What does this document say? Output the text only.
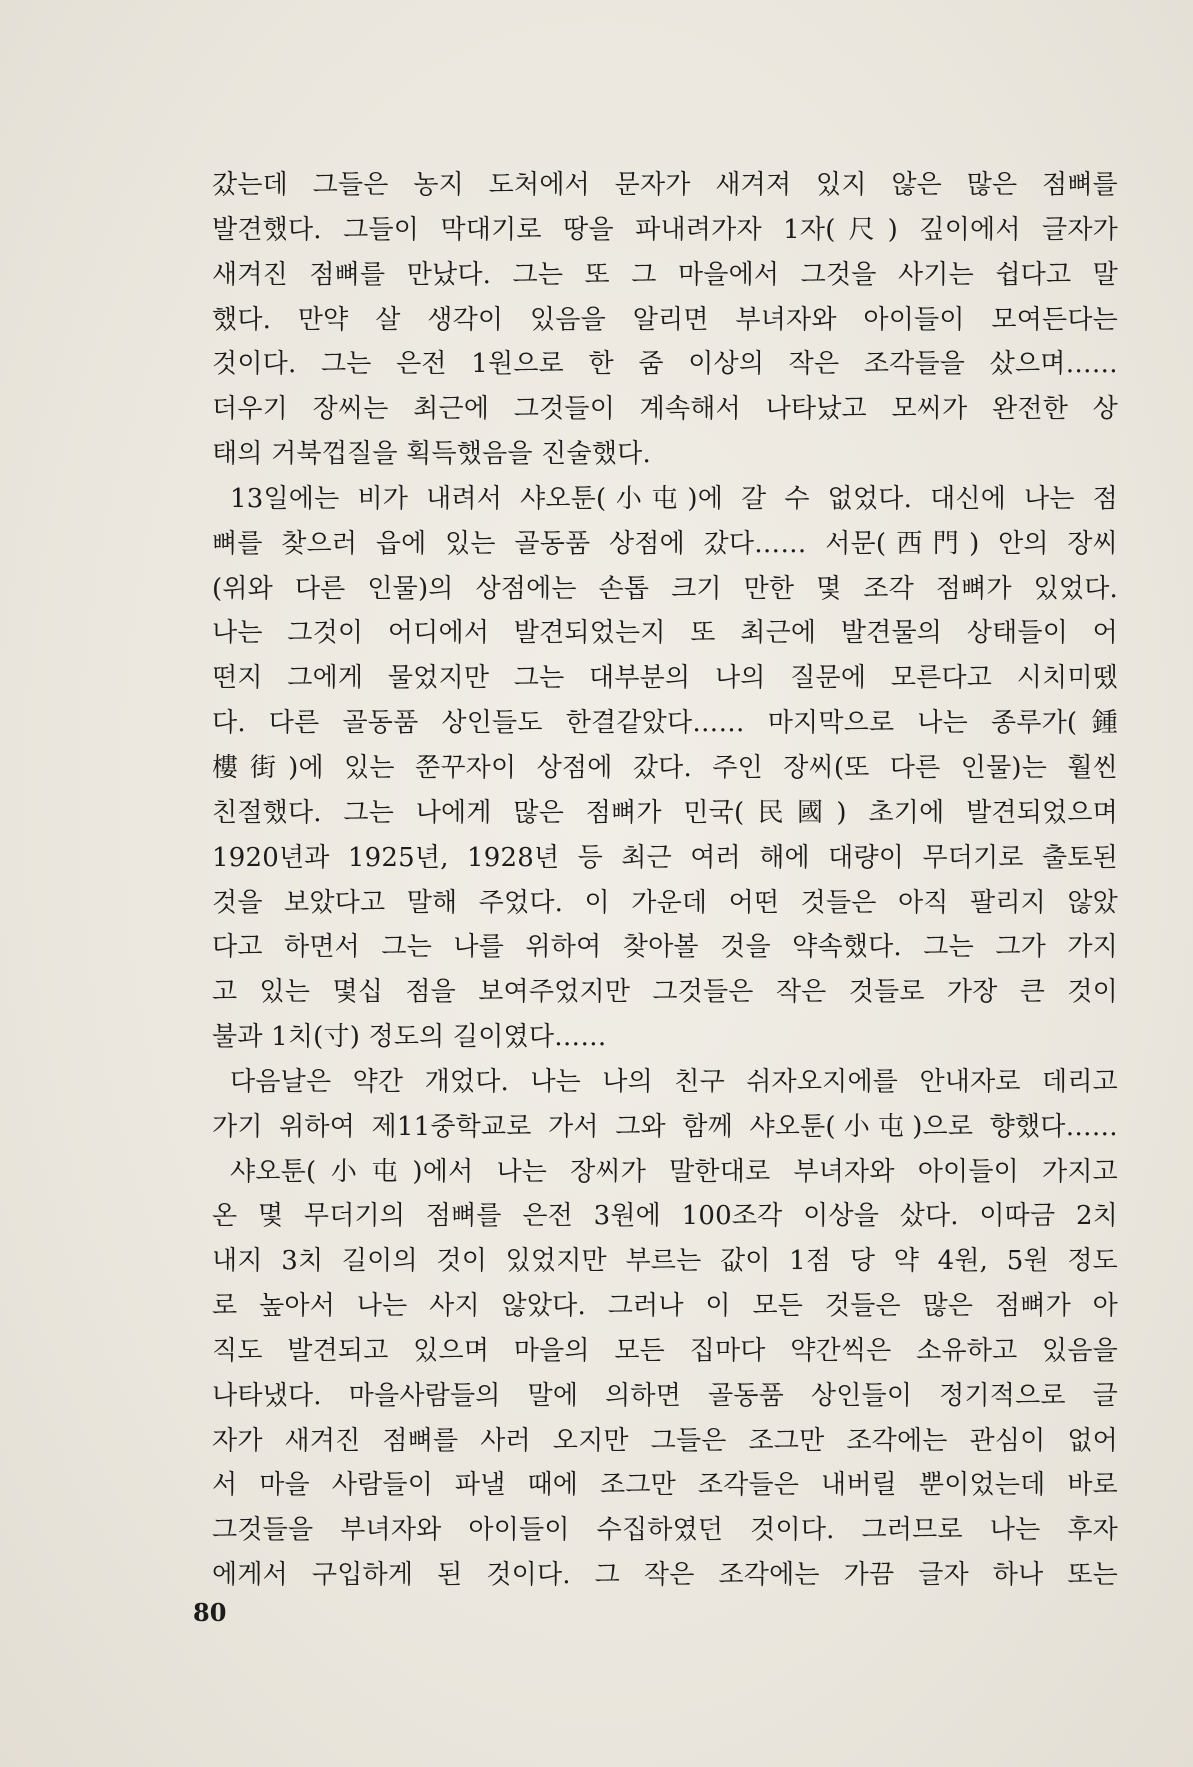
갔는데 그들은 농지 도처에서 문자가 새겨져 있지 않은 많은 점뼈를
발견했다. 그들이 막대기로 땅을 파내려가자 1자(尺) 깊이에서 글자가
새겨진 점뼈를 만났다. 그는 또 그 마을에서 그것을 사기는 쉽다고 말
했다. 만약 살 생각이 있음을 알리면 부녀자와 아이들이 모여든다는
것이다. 그는 은전 1원으로 한 줌 이상의 작은 조각들을 샀으며……
더우기 장씨는 최근에 그것들이 계속해서 나타났고 모씨가 완전한 상
태의 거북껍질을 획득했음을 진술했다.
13일에는 비가 내려서 샤오툰(小屯)에 갈 수 없었다. 대신에 나는 점
뼈를 찾으러 읍에 있는 골동품 상점에 갔다…… 서문(西門) 안의 장씨
(위와 다른 인물)의 상점에는 손톱 크기 만한 몇 조각 점뼈가 있었다.
나는 그것이 어디에서 발견되었는지 또 최근에 발견물의 상태들이 어
떤지 그에게 물었지만 그는 대부분의 나의 질문에 모른다고 시치미뗐
다. 다른 골동품 상인들도 한결같았다…… 마지막으로 나는 종루가(鍾
樓街)에 있는 쭌꾸자이 상점에 갔다. 주인 장씨(또 다른 인물)는 훨씬
친절했다. 그는 나에게 많은 점뼈가 민국(民國) 초기에 발견되었으며
1920년과 1925년, 1928년 등 최근 여러 해에 대량이 무더기로 출토된
것을 보았다고 말해 주었다. 이 가운데 어떤 것들은 아직 팔리지 않았
다고 하면서 그는 나를 위하여 찾아볼 것을 약속했다. 그는 그가 가지
고 있는 몇십 점을 보여주었지만 그것들은 작은 것들로 가장 큰 것이
불과 1치(寸) 정도의 길이였다……
다음날은 약간 개었다. 나는 나의 친구 쉬자오지에를 안내자로 데리고
가기 위하여 제11중학교로 가서 그와 함께 샤오툰(小屯)으로 향했다……
샤오툰(小屯)에서 나는 장씨가 말한대로 부녀자와 아이들이 가지고
온 몇 무더기의 점뼈를 은전 3원에 100조각 이상을 샀다. 이따금 2치
내지 3치 길이의 것이 있었지만 부르는 값이 1점 당 약 4원, 5원 정도
로 높아서 나는 사지 않았다. 그러나 이 모든 것들은 많은 점뼈가 아
직도 발견되고 있으며 마을의 모든 집마다 약간씩은 소유하고 있음을
나타냈다. 마을사람들의 말에 의하면 골동품 상인들이 정기적으로 글
자가 새겨진 점뼈를 사러 오지만 그들은 조그만 조각에는 관심이 없어
서 마을 사람들이 파낼 때에 조그만 조각들은 내버릴 뿐이었는데 바로
그것들을 부녀자와 아이들이 수집하였던 것이다. 그러므로 나는 후자
에게서 구입하게 된 것이다. 그 작은 조각에는 가끔 글자 하나 또는
80
